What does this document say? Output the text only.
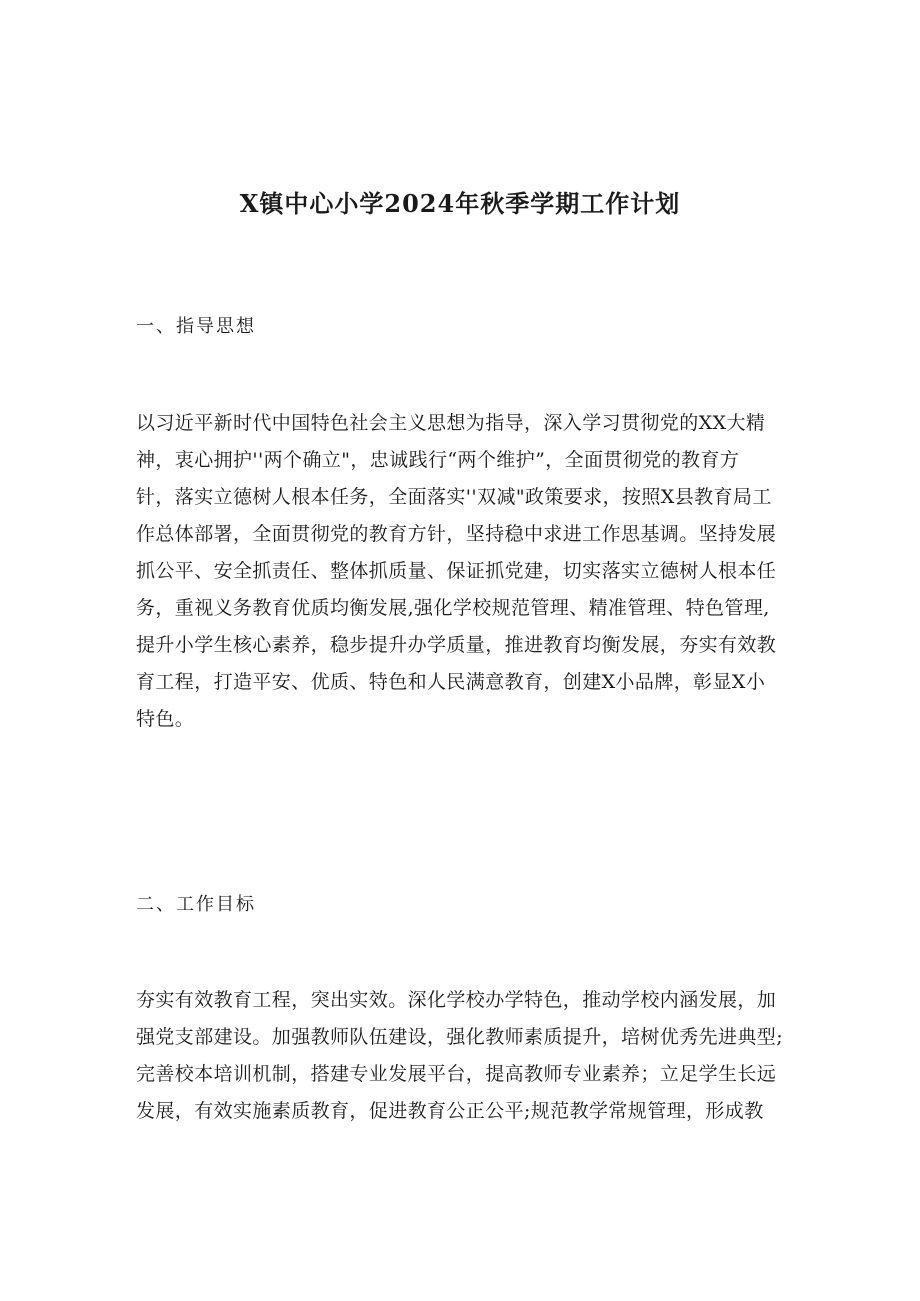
X镇中心小学2024年秋季学期工作计划
一、指导思想
以习近平新时代中国特色社会主义思想为指导，深入学习贯彻党的XX大精
神，衷心拥护''两个确立"，忠诚践行“两个维护”，全面贯彻党的教育方
针，落实立德树人根本任务，全面落实''双减"政策要求，按照X县教育局工
作总体部署，全面贯彻党的教育方针，坚持稳中求进工作思基调。坚持发展
抓公平、安全抓责任、整体抓质量、保证抓党建，切实落实立德树人根本任
务，重视义务教育优质均衡发展,强化学校规范管理、精准管理、特色管理,
提升小学生核心素养，稳步提升办学质量，推进教育均衡发展，夯实有效教
育工程，打造平安、优质、特色和人民满意教育，创建X小品牌，彰显X小
特色。
二、工作目标
夯实有效教育工程，突出实效。深化学校办学特色，推动学校内涵发展，加
强党支部建设。加强教师队伍建设，强化教师素质提升，培树优秀先进典型;
完善校本培训机制，搭建专业发展平台，提高教师专业素养；立足学生长远
发展，有效实施素质教育，促进教育公正公平;规范教学常规管理，形成教
